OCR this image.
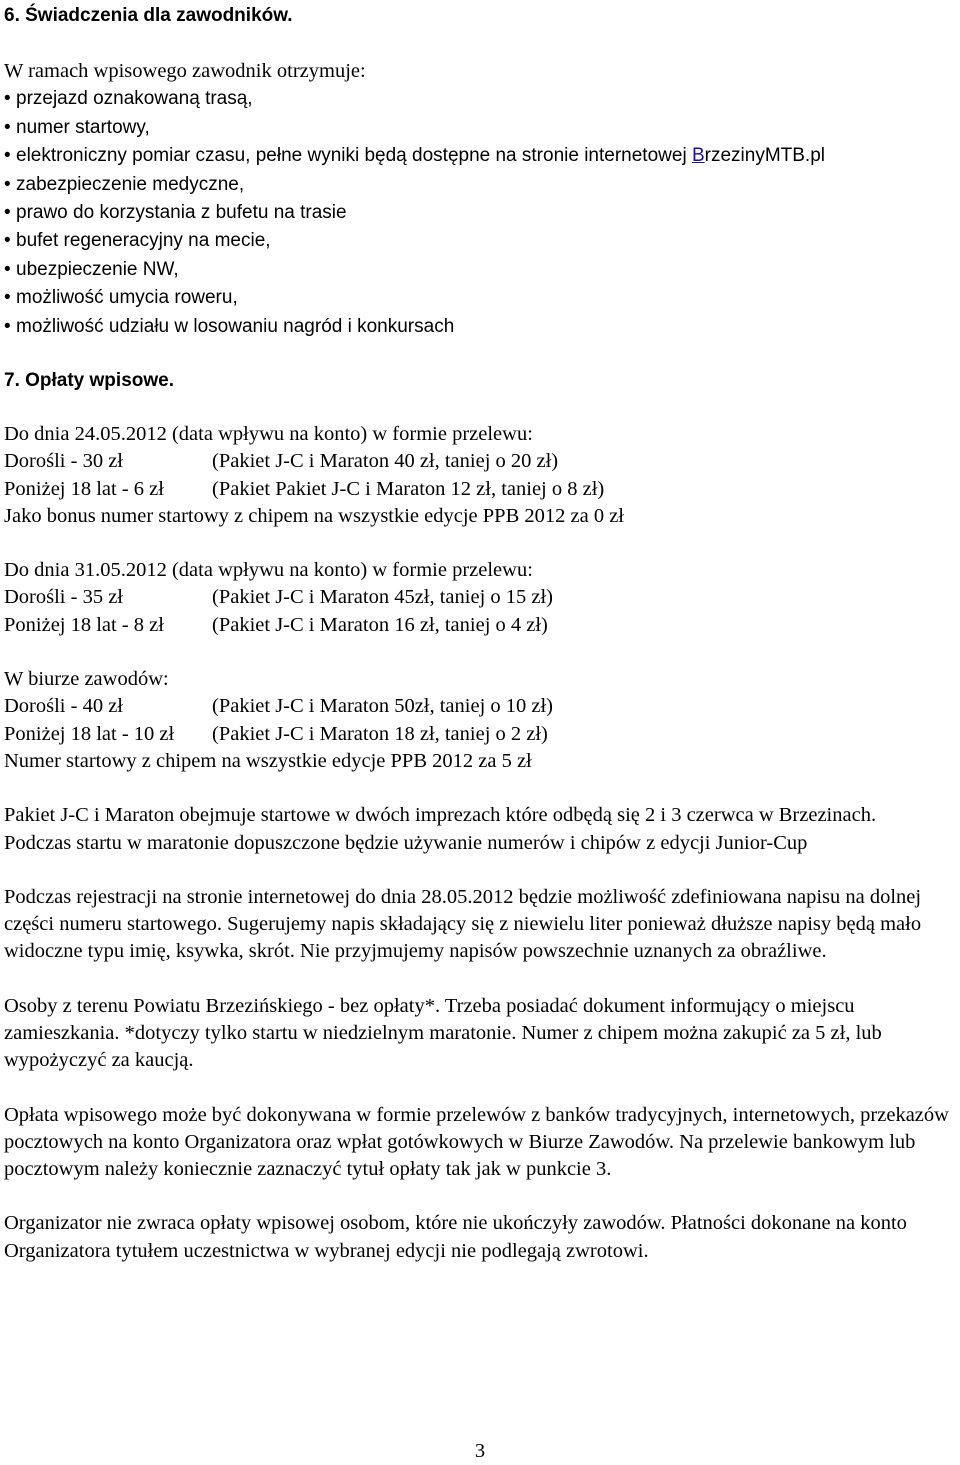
6. Świadczenia dla zawodników.

W ramach wpisowego zawodnik otrzymuje:

• przejazd oznakowaną trasą,
• numer startowy,
• elektroniczny pomiar czasu, pełne wyniki będą dostępne na stronie internetowej BrzezinyMTB.pl
• zabezpieczenie medyczne,
• prawo do korzystania z bufetu na trasie
• bufet regeneracyjny na mecie,
• ubezpieczenie NW,
• możliwość umycia roweru,
• możliwość udziału w losowaniu nagród i konkursach

7. Opłaty wpisowe.

Do dnia 24.05.2012 (data wpływu na konto) w formie przelewu:

Dorośli - 30 zł	(Pakiet J-C i Maraton 40 zł, taniej o 20 zł)

Poniżej 18 lat - 6 zł (Pakiet Pakiet J-C i Maraton 12 zł, taniej o 8 zł)

Jako bonus numer startowy z chipem na wszystkie edycje PPB 2012 za 0 zł

Do dnia 31.05.2012 (data wpływu na konto) w formie przelewu:

Dorośli - 35 zł	(Pakiet J-C i Maraton 45zł, taniej o 15 zł)

Poniżej 18 lat - 8 zł (Pakiet J-C i Maraton 16 zł, taniej o 4 zł)

W biurze zawodów:

Dorośli - 40 zł	(Pakiet J-C i Maraton 50zł, taniej o 10 zł)

Poniżej 18 lat - 10 zł (Pakiet J-C i Maraton 18 zł, taniej o 2 zł)

Numer startowy z chipem na wszystkie edycje PPB 2012 za 5 zł

Pakiet J-C i Maraton obejmuje startowe w dwóch imprezach które odbędą się 2 i 3 czerwca w Brzezinach.

Podczas startu w maratonie dopuszczone będzie używanie numerów i chipów z edycji Junior-Cup

Podczas rejestracji na stronie internetowej do dnia 28.05.2012 będzie możliwość zdefiniowana napisu na dolnej części numeru startowego. Sugerujemy napis składający się z niewielu liter ponieważ dłuższe napisy będą mało widoczne typu imię, ksywka, skrót. Nie przyjmujemy napisów powszechnie uznanych za obraźliwe.

Osoby z terenu Powiatu Brzezińskiego - bez opłaty*. Trzeba posiadać dokument informujący o miejscu zamieszkania. *dotyczy tylko startu w niedzielnym maratonie. Numer z chipem można zakupić za 5 zł, lub wypożyczyć za kaucją.

Opłata wpisowego może być dokonywana w formie przelewów z banków tradycyjnych, internetowych, przekazów pocztowych na konto Organizatora oraz wpłat gotówkowych w Biurze Zawodów. Na przelewie bankowym lub pocztowym należy koniecznie zaznaczyć tytuł opłaty tak jak w punkcie 3.

Organizator nie zwraca opłaty wpisowej osobom, które nie ukończyły zawodów. Płatności dokonane na konto Organizatora tytułem uczestnictwa w wybranej edycji nie podlegają zwrotowi.

3
